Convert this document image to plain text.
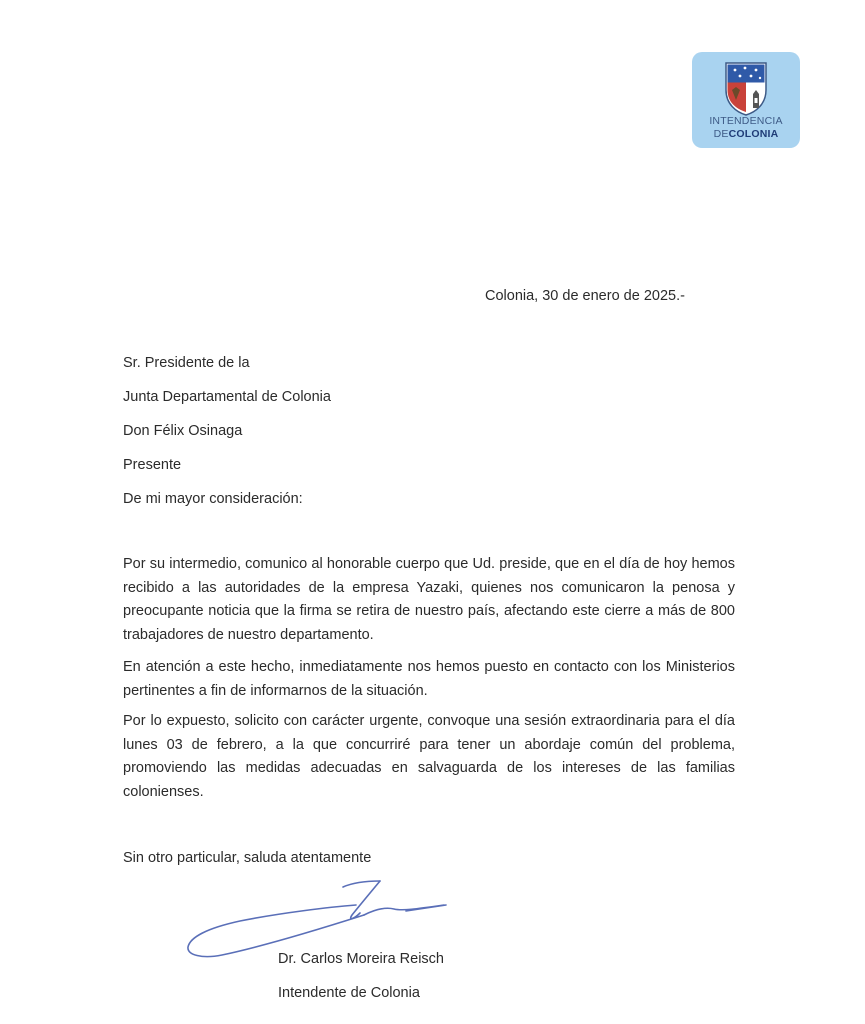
INTENDENCIA
DECOLONIA
Colonia, 30 de enero de 2025.-
Sr. Presidente de la
Junta Departamental de Colonia
Don Félix Osinaga
Presente
De mi mayor consideración:

Por su intermedio, comunico al honorable cuerpo que Ud. preside, que en el día de hoy hemos recibido a las autoridades de la empresa Yazaki, quienes nos comunicaron la penosa y preocupante noticia que la firma se retira de nuestro país, afectando este cierre a más de 800 trabajadores de nuestro departamento.

En atención a este hecho, inmediatamente nos hemos puesto en contacto con los Ministerios pertinentes a fin de informarnos de la situación.

Por lo expuesto, solicito con carácter urgente, convoque una sesión extraordinaria para el día lunes 03 de febrero, a la que concurriré para tener un abordaje común del problema, promoviendo las medidas adecuadas en salvaguarda de los intereses de las familias colonienses.

Sin otro particular, saluda atentamente
Dr. Carlos Moreira Reisch
Intendente de Colonia
